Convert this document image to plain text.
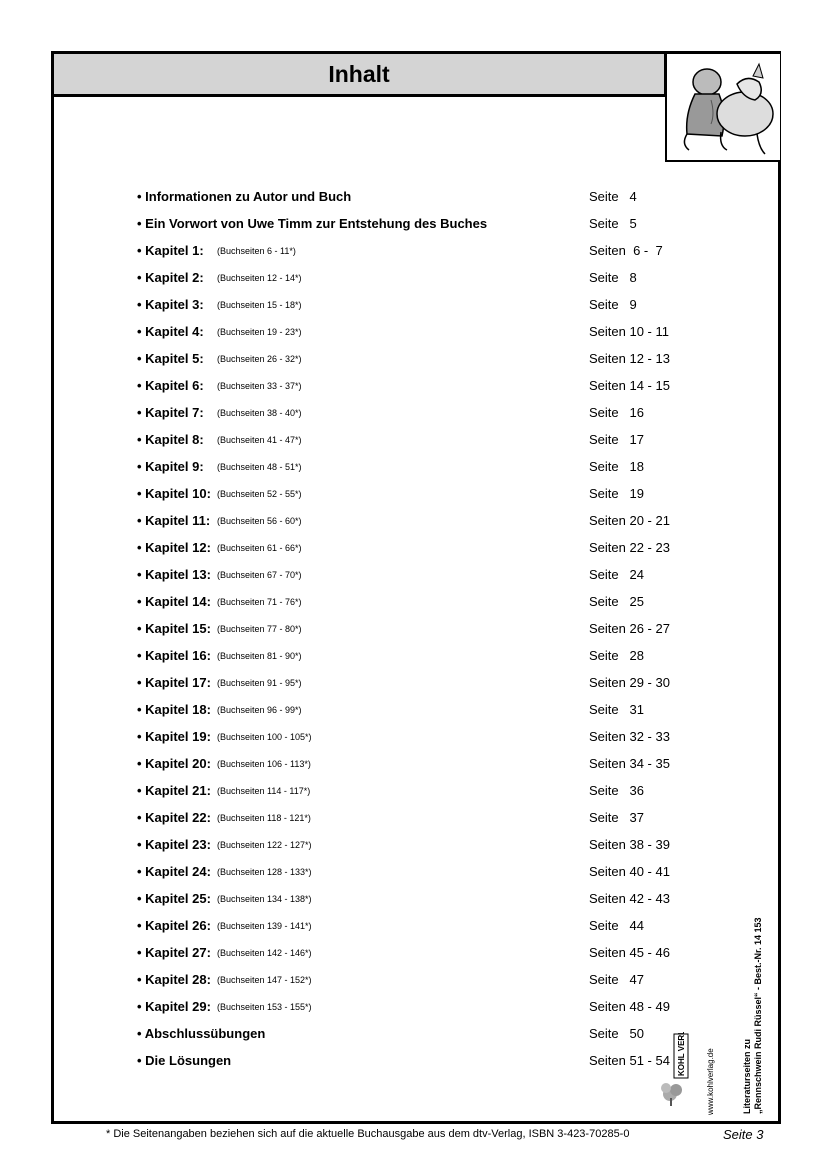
Inhalt
Literaturseiten zu „Rennschwein Rudi Rüssel“ - Best.-Nr. 14 153
• Informationen zu Autor und Buch	Seite   4
• Ein Vorwort von Uwe Timm zur Entstehung des Buches	Seite   5
• Kapitel 1: (Buchseiten 6 - 11*)	Seiten  6 -  7
• Kapitel 2: (Buchseiten 12 - 14*)	Seite   8
• Kapitel 3: (Buchseiten 15 - 18*)	Seite   9
• Kapitel 4: (Buchseiten 19 - 23*)	Seiten 10 - 11
• Kapitel 5: (Buchseiten 26 - 32*)	Seiten 12 - 13
• Kapitel 6: (Buchseiten 33 - 37*)	Seiten 14 - 15
• Kapitel 7: (Buchseiten 38 - 40*)	Seite   16
• Kapitel 8: (Buchseiten 41 - 47*)	Seite   17
• Kapitel 9: (Buchseiten 48 - 51*)	Seite   18
• Kapitel 10: (Buchseiten 52 - 55*)	Seite   19
• Kapitel 11: (Buchseiten 56 - 60*)	Seiten 20 - 21
• Kapitel 12: (Buchseiten 61 - 66*)	Seiten 22 - 23
• Kapitel 13: (Buchseiten 67 - 70*)	Seite   24
• Kapitel 14: (Buchseiten 71 - 76*)	Seite   25
• Kapitel 15: (Buchseiten 77 - 80*)	Seiten 26 - 27
• Kapitel 16: (Buchseiten 81 - 90*)	Seite   28
• Kapitel 17: (Buchseiten 91 - 95*)	Seiten 29 - 30
• Kapitel 18: (Buchseiten 96 - 99*)	Seite   31
• Kapitel 19: (Buchseiten 100 - 105*)	Seiten 32 - 33
• Kapitel 20: (Buchseiten 106 - 113*)	Seiten 34 - 35
• Kapitel 21: (Buchseiten 114 - 117*)	Seite   36
• Kapitel 22: (Buchseiten 118 - 121*)	Seite   37
• Kapitel 23: (Buchseiten 122 - 127*)	Seiten 38 - 39
• Kapitel 24: (Buchseiten 128 - 133*)	Seiten 40 - 41
• Kapitel 25: (Buchseiten 134 - 138*)	Seiten 42 - 43
• Kapitel 26: (Buchseiten 139 - 141*)	Seite   44
• Kapitel 27: (Buchseiten 142 - 146*)	Seiten 45 - 46
• Kapitel 28: (Buchseiten 147 - 152*)	Seite   47
• Kapitel 29: (Buchseiten 153 - 155*)	Seiten 48 - 49
• Abschlussübungen	Seite   50
• Die Lösungen	Seiten 51 - 54	www.kohlverlag.de
KOHL VERLAG
* Die Seitenangaben beziehen sich auf die aktuelle Buchausgabe aus dem dtv-Verlag, ISBN 3-423-70285-0	Seite 3
